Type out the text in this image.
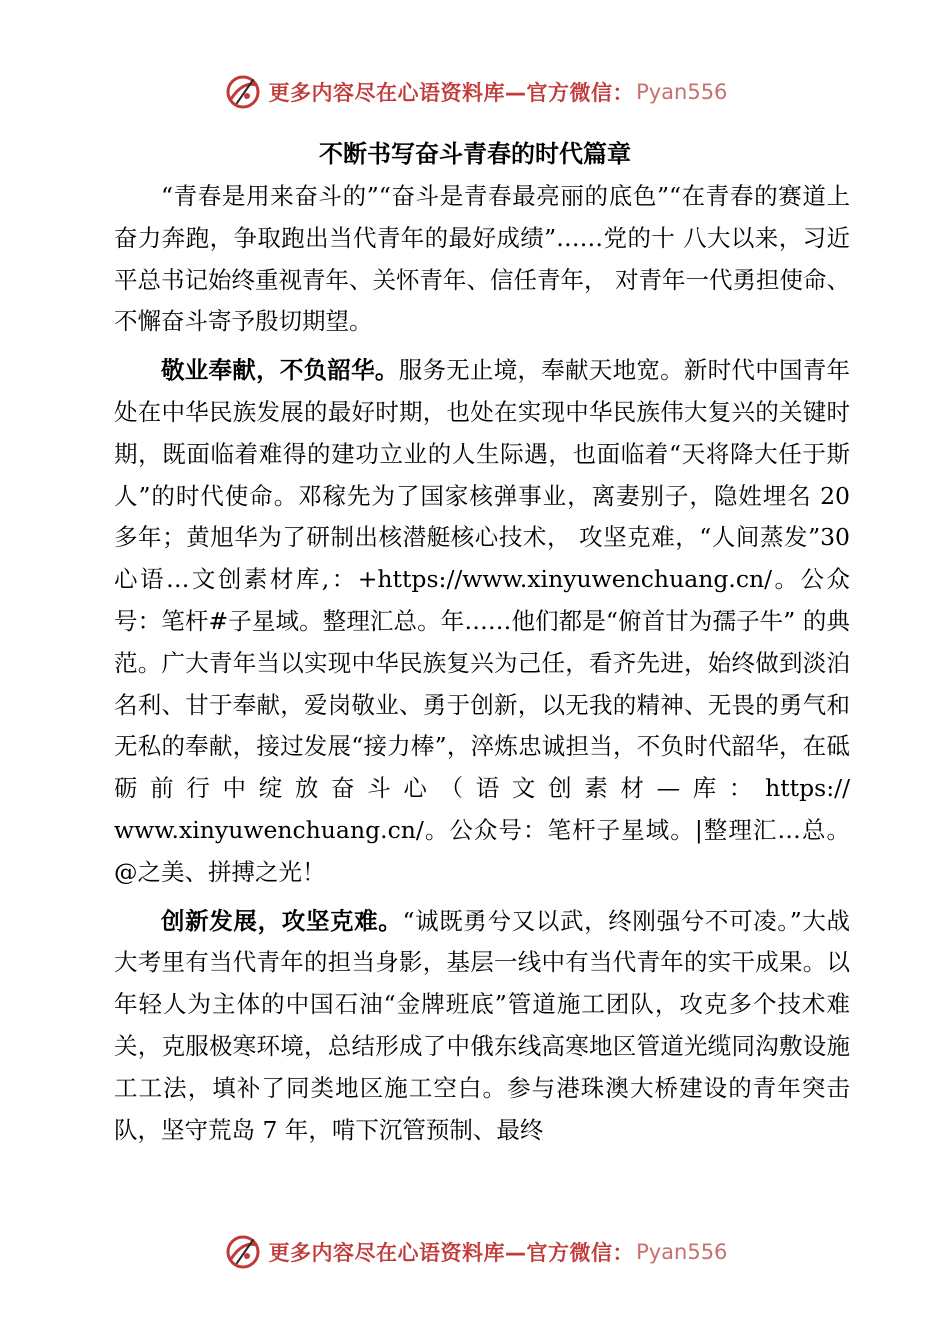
更多内容尽在心语资料库—官方微信： Pyan556
不断书写奋斗青春的时代篇章

“青春是用来奋斗的”“奋斗是青春最亮丽的底色”“在青春的赛道上奋力奔跑，争取跑出当代青年的最好成绩”……党的十 八大以来，习近平总书记始终重视青年、关怀青年、信任青年， 对青年一代勇担使命、不懈奋斗寄予殷切期望。

敬业奉献，不负韶华。服务无止境，奉献天地宽。新时代中国青年处在中华民族发展的最好时期，也处在实现中华民族伟大复兴的关键时期，既面临着难得的建功立业的人生际遇，也面临着“天将降大任于斯人”的时代使命。邓稼先为了国家核弹事业，离妻别子，隐姓埋名 20 多年；黄旭华为了研制出核潜艇核心技术， 攻坚克难，“人间蒸发”30 心语…文创素材库,：+https://www.xinyuwenchuang.cn/。公众号：笔杆#子星域。整理汇总。年……他们都是“俯首甘为孺子牛” 的典范。广大青年当以实现中华民族复兴为己任，看齐先进，始终做到淡泊名利、甘于奉献，爱岗敬业、勇于创新，以无我的精神、无畏的勇气和无私的奉献，接过发展“接力棒”，淬炼忠诚担当，不负时代韶华，在砥砺前行中绽放奋斗心（语文创素材—库：https:// www.xinyuwenchuang.cn/。公众号：笔杆子星域。|整理汇…总。@之美、拼搏之光！

创新发展，攻坚克难。“诚既勇兮又以武，终刚强兮不可凌。”大战大考里有当代青年的担当身影，基层一线中有当代青年的实干成果。以年轻人为主体的中国石油“金牌班底”管道施工团队，攻克多个技术难关，克服极寒环境，总结形成了中俄东线高寒地区管道光缆同沟敷设施工工法，填补了同类地区施工空白。参与港珠澳大桥建设的青年突击队，坚守荒岛 7 年，啃下沉管预制、最终

更多内容尽在心语资料库—官方微信： Pyan556
